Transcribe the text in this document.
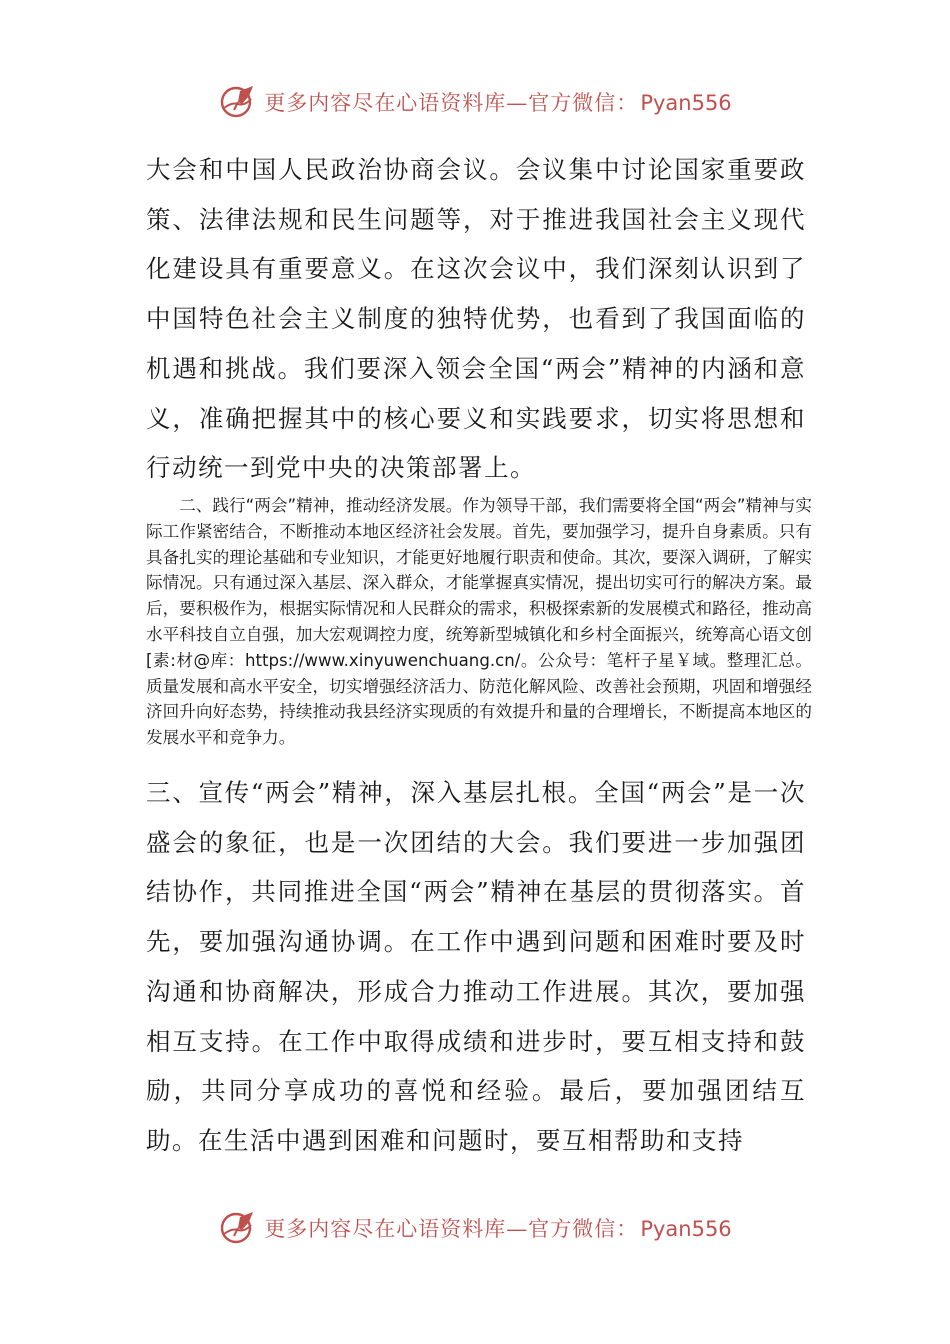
更多内容尽在心语资料库—官方微信：Pyan556

大会和中国人民政治协商会议。会议集中讨论国家重要政策、法律法规和民生问题等，对于推进我国社会主义现代化建设具有重要意义。在这次会议中，我们深刻认识到了中国特色社会主义制度的独特优势，也看到了我国面临的机遇和挑战。我们要深入领会全国“两会”精神的内涵和意义，准确把握其中的核心要义和实践要求，切实将思想和行动统一到党中央的决策部署上。

二、践行“两会”精神，推动经济发展。作为领导干部，我们需要将全国“两会”精神与实际工作紧密结合，不断推动本地区经济社会发展。首先，要加强学习，提升自身素质。只有具备扎实的理论基础和专业知识，才能更好地履行职责和使命。其次，要深入调研，了解实际情况。只有通过深入基层、深入群众，才能掌握真实情况，提出切实可行的解决方案。最后，要积极作为，根据实际情况和人民群众的需求，积极探索新的发展模式和路径，推动高水平科技自立自强，加大宏观调控力度，统筹新型城镇化和乡村全面振兴，统筹高心语文创[素:材@库：https://www.xinyuwenchuang.cn/。公众号：笔杆子星￥域。整理汇总。质量发展和高水平安全，切实增强经济活力、防范化解风险、改善社会预期，巩固和增强经济回升向好态势，持续推动我县经济实现质的有效提升和量的合理增长，不断提高本地区的发展水平和竞争力。

三、宣传“两会”精神，深入基层扎根。全国“两会”是一次盛会的象征，也是一次团结的大会。我们要进一步加强团结协作，共同推进全国“两会”精神在基层的贯彻落实。首先，要加强沟通协调。在工作中遇到问题和困难时要及时沟通和协商解决，形成合力推动工作进展。其次，要加强相互支持。在工作中取得成绩和进步时，要互相支持和鼓励，共同分享成功的喜悦和经验。最后，要加强团结互助。在生活中遇到困难和问题时，要互相帮助和支持

更多内容尽在心语资料库—官方微信：Pyan556
